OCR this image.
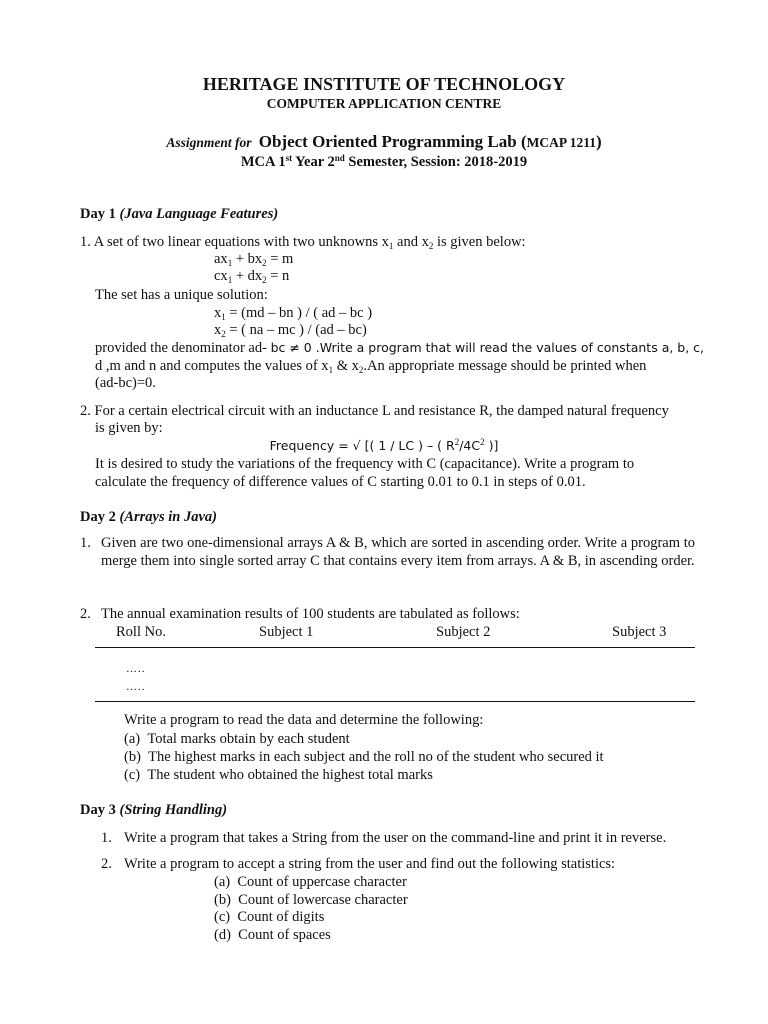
HERITAGE INSTITUTE OF TECHNOLOGY
COMPUTER APPLICATION CENTRE
Assignment for Object Oriented Programming Lab (MCAP 1211)
MCA 1st Year 2nd Semester, Session: 2018-2019
Day 1 (Java Language Features)
1. A set of two linear equations with two unknowns $x_1$ and $x_2$ is given below:
$ax_1 + bx_2 = m$
$cx_1 + dx_2 = n$
The set has a unique solution:
$x_1 = (md$ – bn ) / ( ad – bc )
$x_2$ = ( na – mc ) / (ad – bc)
provided the denominator ad- bc ≠ 0 .Write a program that will read the values of constants a, b, c,
d ,m and n and computes the values of $x_1$ & $x_2.An$ appropriate message should be printed when
(ad-bc)=0.
2. For a certain electrical circuit with an inductance L and resistance R, the damped natural frequency
is given by:
Frequency = √ [( 1 / LC ) – ( $R^2/4C^2$ )]
It is desired to study the variations of the frequency with C (capacitance). Write a program to
calculate the frequency of difference values of C starting 0.01 to 0.1 in steps of 0.01.
Day 2 (Arrays in Java)
1. Given are two one-dimensional arrays A & B, which are sorted in ascending order. Write a program to merge them into single sorted array C that contains every item from arrays. A & B, in ascending order.
2. The annual examination results of 100 students are tabulated as follows:
Roll No.	Subject 1	Subject 2	Subject 3
…..
…..
Write a program to read the data and determine the following:
(a) Total marks obtain by each student
(b) The highest marks in each subject and the roll no of the student who secured it
(c) The student who obtained the highest total marks
Day 3 (String Handling)
1. Write a program that takes a String from the user on the command-line and print it in reverse.
2. Write a program to accept a string from the user and find out the following statistics:
(a) Count of uppercase character
(b) Count of lowercase character
(c) Count of digits
(d) Count of spaces
